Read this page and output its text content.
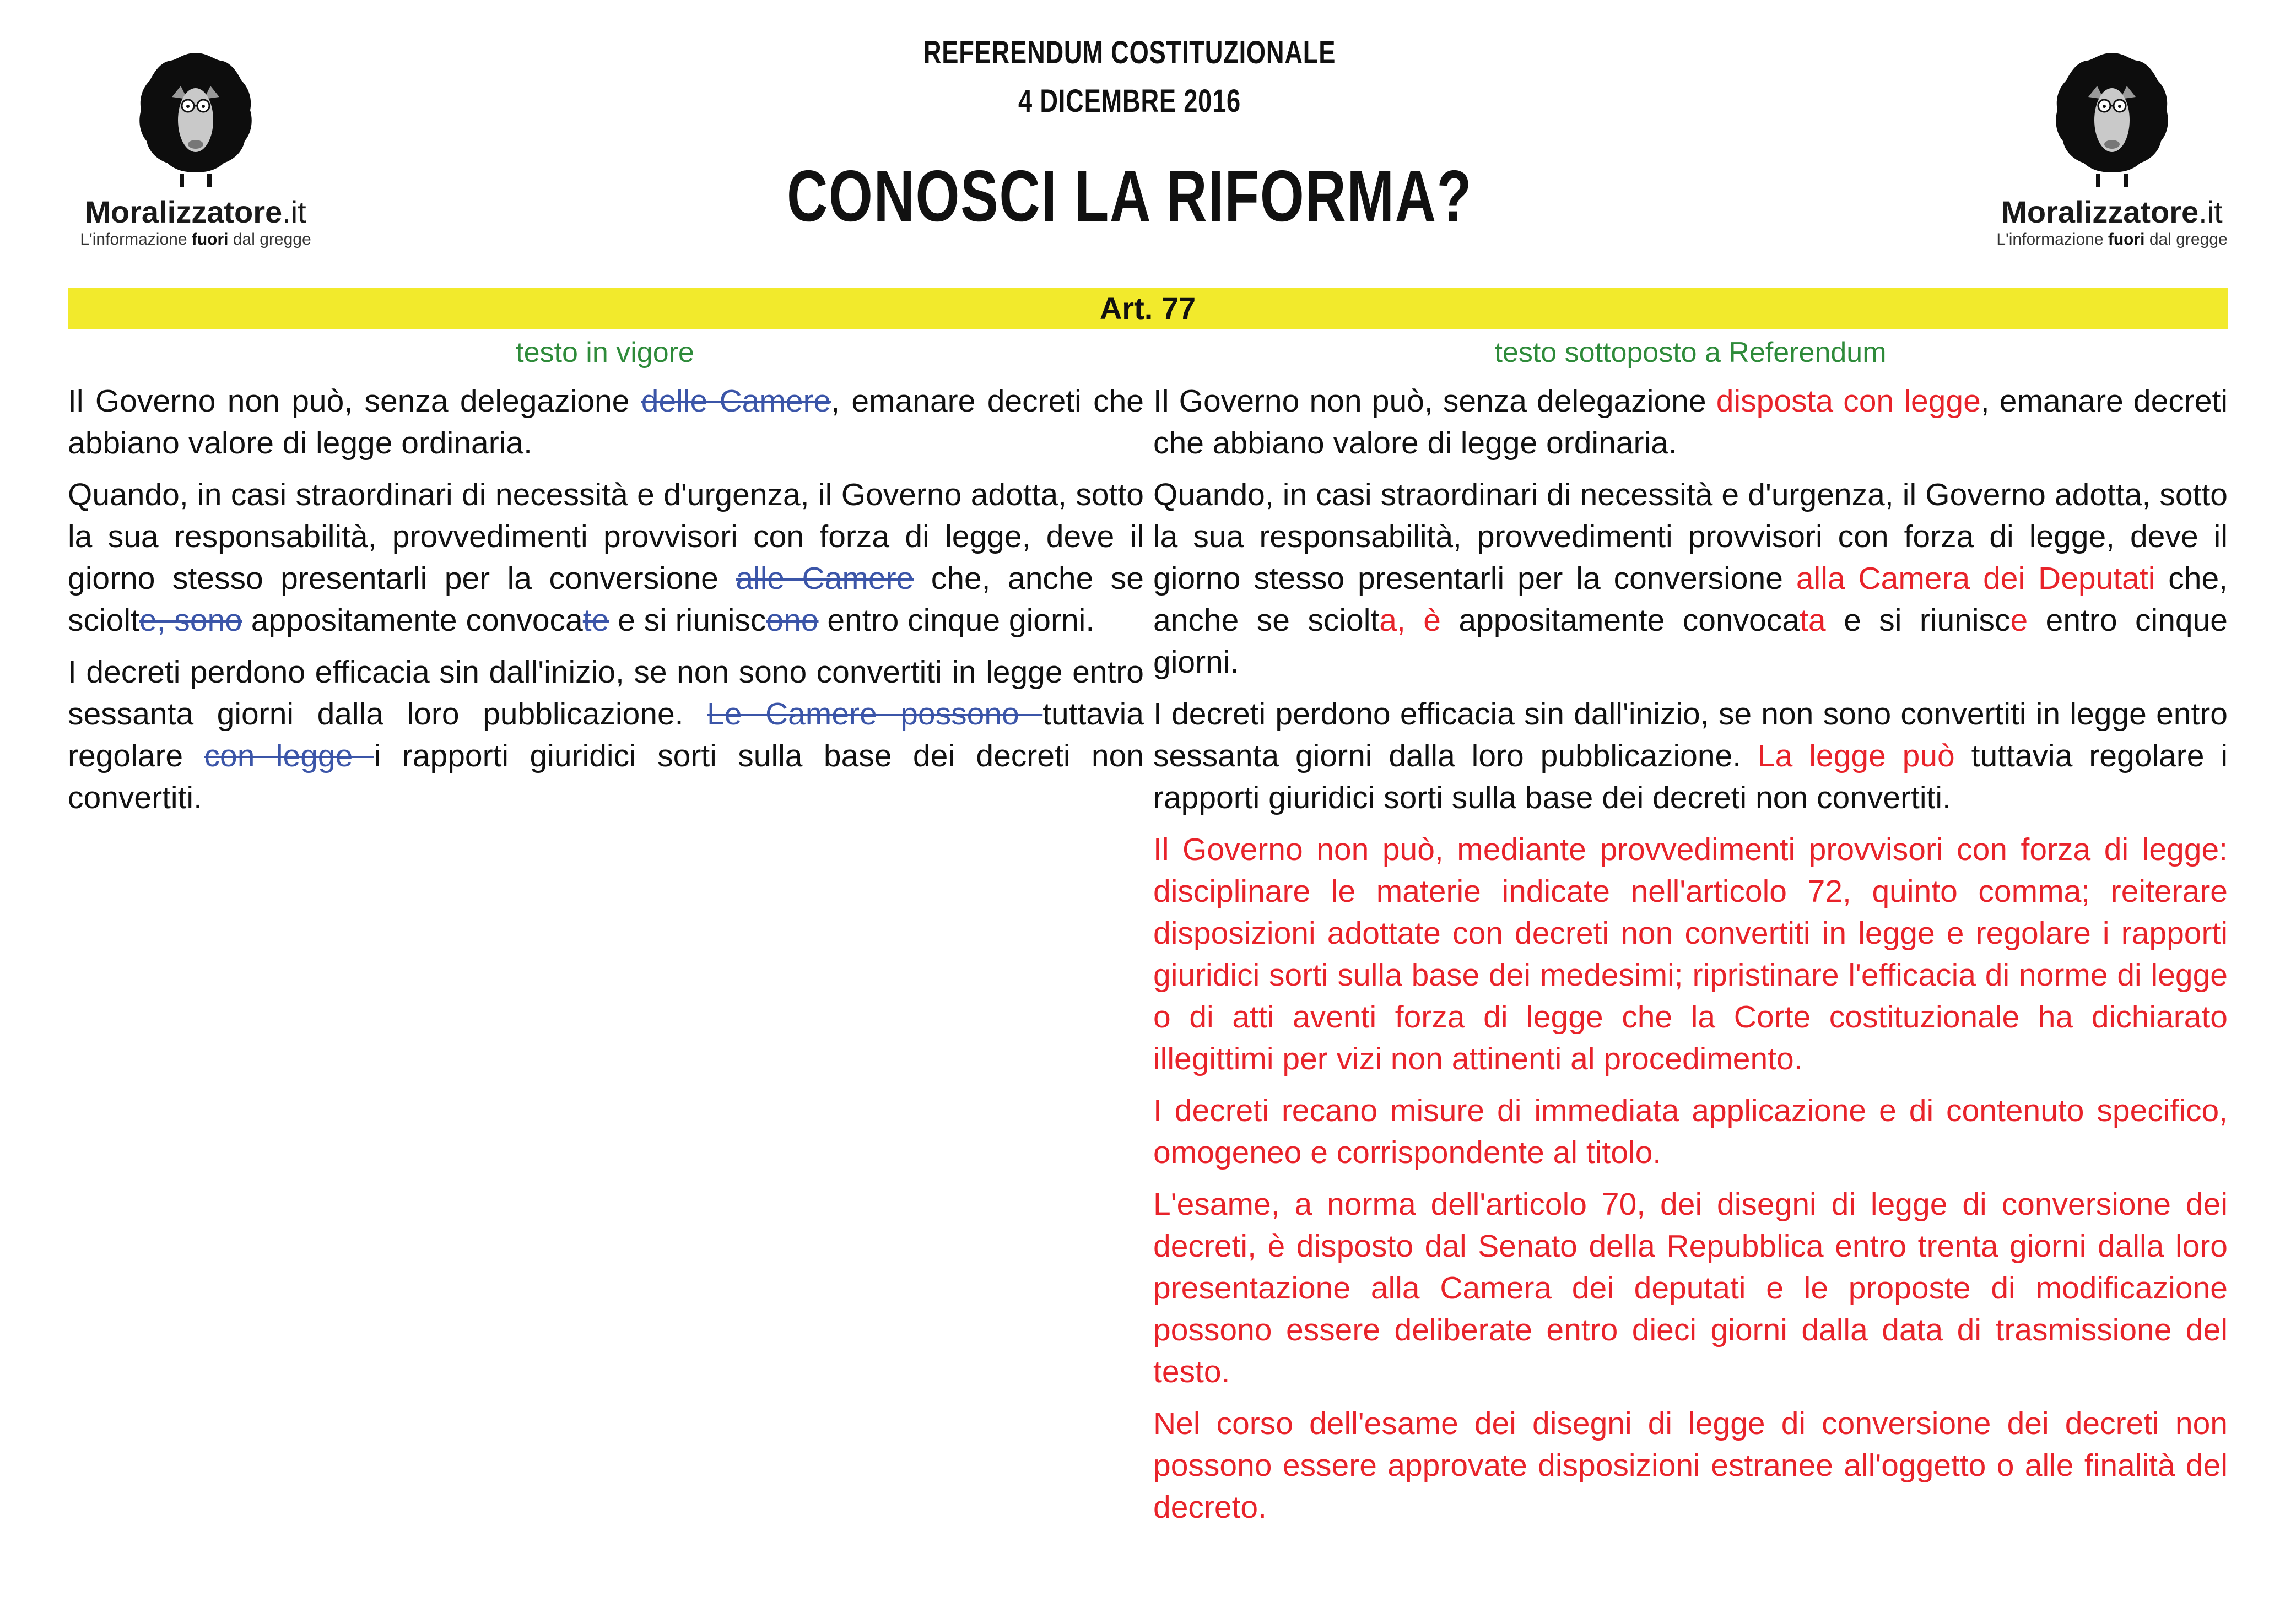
Moralizzatore.it
L'informazione fuori dal gregge
Moralizzatore.it
L'informazione fuori dal gregge
REFERENDUM COSTITUZIONALE
4 DICEMBRE 2016
CONOSCI LA RIFORMA?
Art. 77
testo in vigore	testo sottoposto a Referendum

Il Governo non può, senza delegazione delle Camere, emanare decreti che abbiano valore di legge ordinaria.

Quando, in casi straordinari di necessità e d'urgenza, il Governo adotta, sotto la sua responsabilità, provvedimenti provvisori con forza di legge, deve il giorno stesso presentarli per la conversione alle Camere che, anche se sciolte, sono appositamente convocate e si riuniscono entro cinque giorni.

I decreti perdono efficacia sin dall'inizio, se non sono convertiti in legge entro sessanta giorni dalla loro pubblicazione. Le Camere possono tuttavia regolare con legge i rapporti giuridici sorti sulla base dei decreti non convertiti.

Il Governo non può, senza delegazione disposta con legge, emanare decreti che abbiano valore di legge ordinaria.

Quando, in casi straordinari di necessità e d'urgenza, il Governo adotta, sotto la sua responsabilità, provvedimenti provvisori con forza di legge, deve il giorno stesso presentarli per la conversione alla Camera dei Deputati che, anche se sciolta, è appositamente convocata e si riunisce entro cinque giorni.

I decreti perdono efficacia sin dall'inizio, se non sono convertiti in legge entro sessanta giorni dalla loro pubblicazione. La legge può tuttavia regolare i rapporti giuridici sorti sulla base dei decreti non convertiti.

Il Governo non può, mediante provvedimenti provvisori con forza di legge: disciplinare le materie indicate nell'articolo 72, quinto comma; reiterare disposizioni adottate con decreti non convertiti in legge e regolare i rapporti giuridici sorti sulla base dei medesimi; ripristinare l'efficacia di norme di legge o di atti aventi forza di legge che la Corte costituzionale ha dichiarato illegittimi per vizi non attinenti al procedimento.

I decreti recano misure di immediata applicazione e di contenuto specifico, omogeneo e corrispondente al titolo.

L'esame, a norma dell'articolo 70, dei disegni di legge di conversione dei decreti, è disposto dal Senato della Repubblica entro trenta giorni dalla loro presentazione alla Camera dei deputati e le proposte di modificazione possono essere deliberate entro dieci giorni dalla data di trasmissione del testo.

Nel corso dell'esame dei disegni di legge di conversione dei decreti non possono essere approvate disposizioni estranee all'oggetto o alle finalità del decreto.
